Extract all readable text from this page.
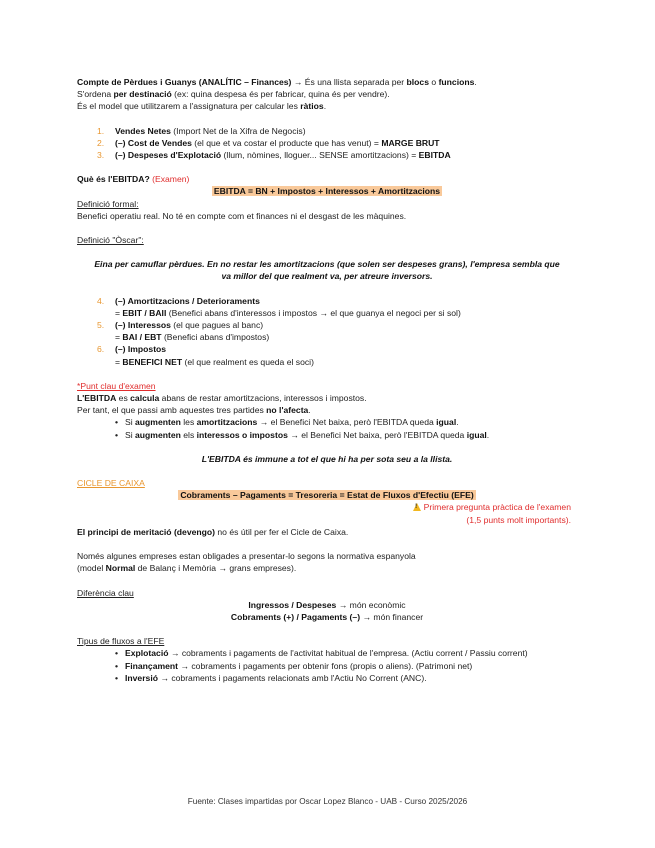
Compte de Pèrdues i Guanys (ANALÍTIC – Finances) → És una llista separada per blocs o funcions.
S'ordena per destinació (ex: quina despesa és per fabricar, quina és per vendre).
És el model que utilitzarem a l'assignatura per calcular les ràtios.
1.	Vendes Netes (Import Net de la Xifra de Negocis)
2.	(–) Cost de Vendes (el que et va costar el producte que has venut) = MARGE BRUT
3.	(–) Despeses d'Explotació (llum, nòmines, lloguer... SENSE amortitzacions) = EBITDA
Què és l'EBITDA? (Examen)
EBITDA = BN + Impostos + Interessos + Amortitzacions
Definició formal:
Benefici operatiu real. No té en compte com et finances ni el desgast de les màquines.
Definició "Òscar":
Eina per camuflar pèrdues. En no restar les amortitzacions (que solen ser despeses grans), l'empresa sembla que
va millor del que realment va, per atreure inversors.
4.	(–) Amortitzacions / Deterioraments
= EBIT / BAII (Benefici abans d'interessos i impostos → el que guanya el negoci per si sol)
5.	(–) Interessos (el que pagues al banc)
= BAI / EBT (Benefici abans d'impostos)
6.	(–) Impostos
= BENEFICI NET (el que realment es queda el soci)
*Punt clau d'examen
L'EBITDA es calcula abans de restar amortitzacions, interessos i impostos.
Per tant, el que passi amb aquestes tres partides no l'afecta.
• Si augmenten les amortitzacions → el Benefici Net baixa, però l'EBITDA queda igual.
• Si augmenten els interessos o impostos → el Benefici Net baixa, però l'EBITDA queda igual.
L'EBITDA és immune a tot el que hi ha per sota seu a la llista.
CICLE DE CAIXA
Cobraments – Pagaments = Tresoreria = Estat de Fluxos d'Efectiu (EFE)
!Primera pregunta pràctica de l'examen
(1,5 punts molt importants).
El principi de meritació (devengo) no és útil per fer el Cicle de Caixa.
Només algunes empreses estan obligades a presentar-lo segons la normativa espanyola
(model Normal de Balanç i Memòria → grans empreses).
Diferència clau
Ingressos / Despeses → món econòmic
Cobraments (+) / Pagaments (–) → món financer
Tipus de fluxos a l'EFE
• Explotació → cobraments i pagaments de l'activitat habitual de l'empresa. (Actiu corrent / Passiu corrent)
• Finançament → cobraments i pagaments per obtenir fons (propis o aliens). (Patrimoni net)
• Inversió → cobraments i pagaments relacionats amb l'Actiu No Corrent (ANC).
Fuente: Clases impartidas por Oscar Lopez Blanco - UAB - Curso 2025/2026
